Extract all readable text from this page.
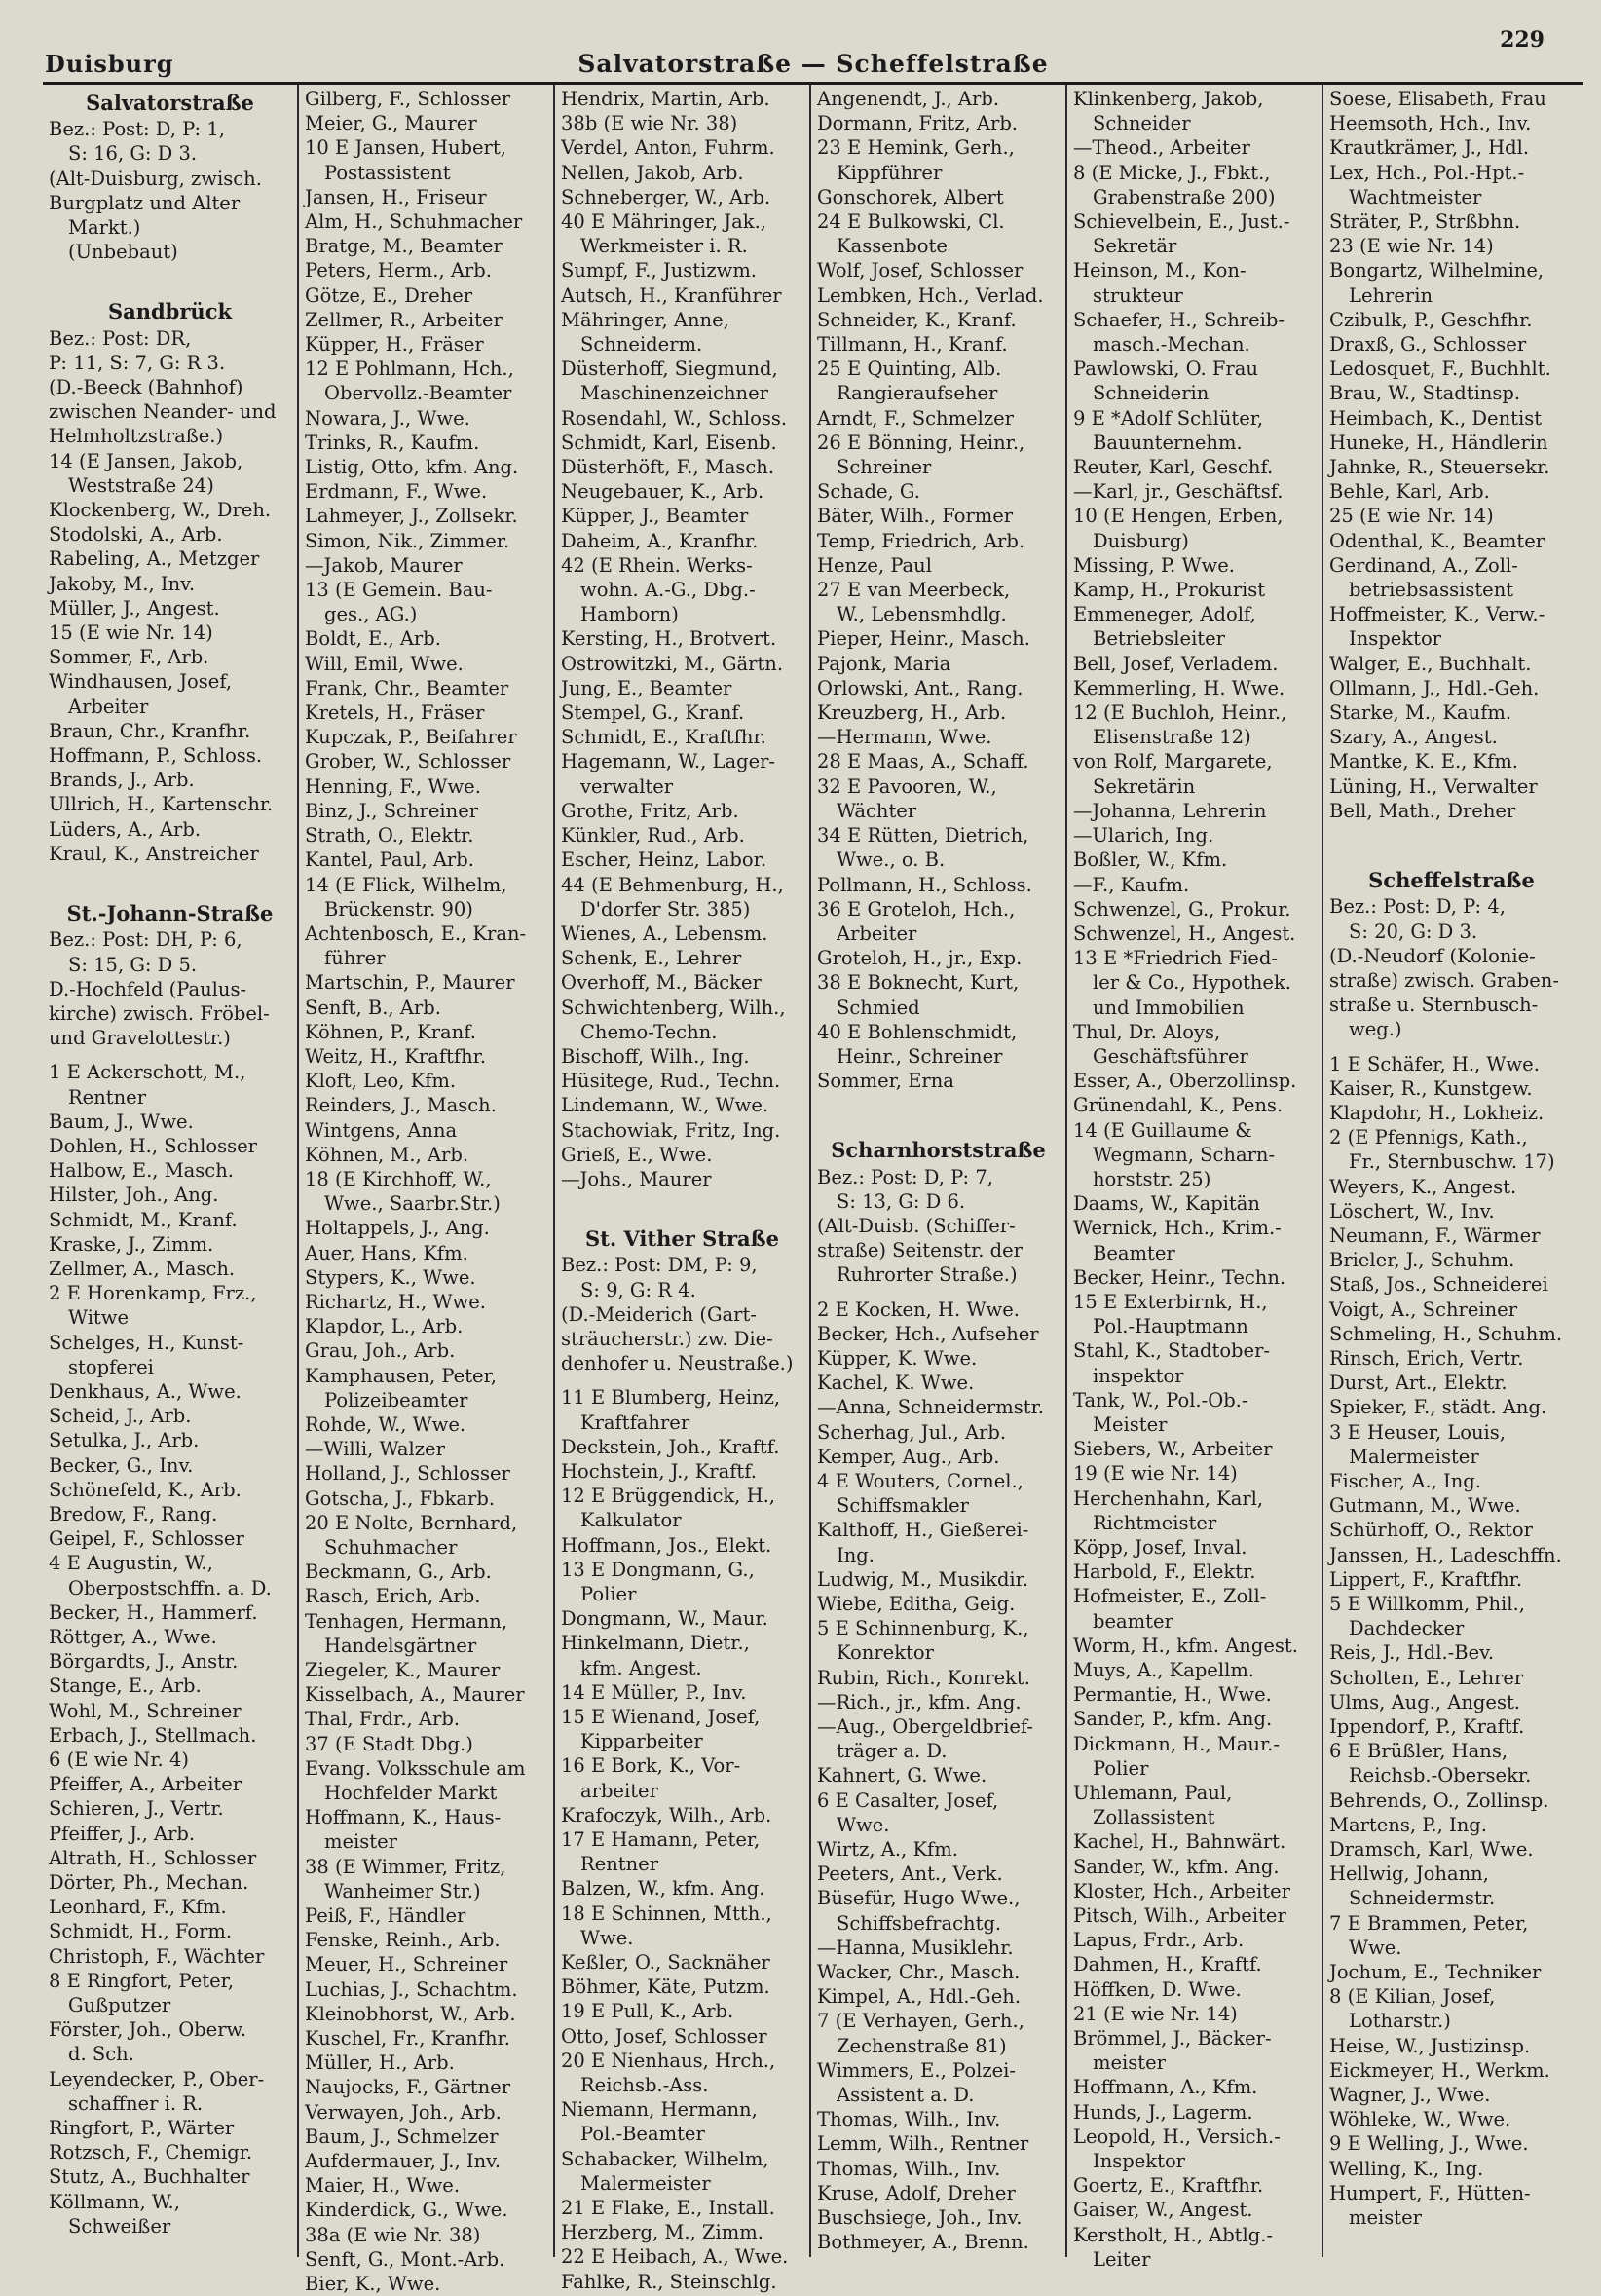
Duisburg	Salvatorstraße — Scheffelstraße
229
Salvatorstraße
Bez.: Post: D, P: 1,
S: 16, G: D 3.
(Alt-Duisburg, zwisch.
Burgplatz und Alter
Markt.)
(Unbebaut)
Sandbrück
Bez.: Post: DR,
P: 11, S: 7, G: R 3.
(D.-Beeck (Bahnhof)
zwischen Neander- und
Helmholtzstraße.)
14 (E Jansen, Jakob,
Weststraße 24)
Klockenberg, W., Dreh.
Stodolski, A., Arb.
Rabeling, A., Metzger
Jakoby, M., Inv.
Müller, J., Angest.
15 (E wie Nr. 14)
Sommer, F., Arb.
Windhausen, Josef,
Arbeiter
Braun, Chr., Kranfhr.
Hoffmann, P., Schloss.
Brands, J., Arb.
Ullrich, H., Kartenschr.
Lüders, A., Arb.
Kraul, K., Anstreicher
St.-Johann-Straße
Bez.: Post: DH, P: 6,
S: 15, G: D 5.
D.-Hochfeld (Paulus-
kirche) zwisch. Fröbel-
und Gravelottestr.)
1 E Ackerschott, M.,
Rentner
Baum, J., Wwe.
Dohlen, H., Schlosser
Halbow, E., Masch.
Hilster, Joh., Ang.
Schmidt, M., Kranf.
Kraske, J., Zimm.
Zellmer, A., Masch.
2 E Horenkamp, Frz.,
Witwe
Schelges, H., Kunst-
stopferei
Denkhaus, A., Wwe.
Scheid, J., Arb.
Setulka, J., Arb.
Becker, G., Inv.
Schönefeld, K., Arb.
Bredow, F., Rang.
Geipel, F., Schlosser
4 E Augustin, W.,
Oberpostschffn. a. D.
Becker, H., Hammerf.
Röttger, A., Wwe.
Börgardts, J., Anstr.
Stange, E., Arb.
Wohl, M., Schreiner
Erbach, J., Stellmach.
6 (E wie Nr. 4)
Pfeiffer, A., Arbeiter
Schieren, J., Vertr.
Pfeiffer, J., Arb.
Altrath, H., Schlosser
Dörter, Ph., Mechan.
Leonhard, F., Kfm.
Schmidt, H., Form.
Christoph, F., Wächter
8 E Ringfort, Peter,
Gußputzer
Förster, Joh., Oberw.
d. Sch.
Leyendecker, P., Ober-
schaffner i. R.
Ringfort, P., Wärter
Rotzsch, F., Chemigr.
Stutz, A., Buchhalter
Köllmann, W.,
Schweißer
Gilberg, F., Schlosser
Meier, G., Maurer
10 E Jansen, Hubert,
Postassistent
Jansen, H., Friseur
Alm, H., Schuhmacher
Bratge, M., Beamter
Peters, Herm., Arb.
Götze, E., Dreher
Zellmer, R., Arbeiter
Küpper, H., Fräser
12 E Pohlmann, Hch.,
Obervollz.-Beamter
Nowara, J., Wwe.
Trinks, R., Kaufm.
Listig, Otto, kfm. Ang.
Erdmann, F., Wwe.
Lahmeyer, J., Zollsekr.
Simon, Nik., Zimmer.
—Jakob, Maurer
13 (E Gemein. Bau-
ges., AG.)
Boldt, E., Arb.
Will, Emil, Wwe.
Frank, Chr., Beamter
Kretels, H., Fräser
Kupczak, P., Beifahrer
Grober, W., Schlosser
Henning, F., Wwe.
Binz, J., Schreiner
Strath, O., Elektr.
Kantel, Paul, Arb.
14 (E Flick, Wilhelm,
Brückenstr. 90)
Achtenbosch, E., Kran-
führer
Martschin, P., Maurer
Senft, B., Arb.
Köhnen, P., Kranf.
Weitz, H., Kraftfhr.
Kloft, Leo, Kfm.
Reinders, J., Masch.
Wintgens, Anna
Köhnen, M., Arb.
18 (E Kirchhoff, W.,
Wwe., Saarbr.Str.)
Holtappels, J., Ang.
Auer, Hans, Kfm.
Stypers, K., Wwe.
Richartz, H., Wwe.
Klapdor, L., Arb.
Grau, Joh., Arb.
Kamphausen, Peter,
Polizeibeamter
Rohde, W., Wwe.
—Willi, Walzer
Holland, J., Schlosser
Gotscha, J., Fbkarb.
20 E Nolte, Bernhard,
Schuhmacher
Beckmann, G., Arb.
Rasch, Erich, Arb.
Tenhagen, Hermann,
Handelsgärtner
Ziegeler, K., Maurer
Kisselbach, A., Maurer
Thal, Frdr., Arb.
37 (E Stadt Dbg.)
Evang. Volksschule am
Hochfelder Markt
Hoffmann, K., Haus-
meister
38 (E Wimmer, Fritz,
Wanheimer Str.)
Peiß, F., Händler
Fenske, Reinh., Arb.
Meuer, H., Schreiner
Luchias, J., Schachtm.
Kleinobhorst, W., Arb.
Kuschel, Fr., Kranfhr.
Müller, H., Arb.
Naujocks, F., Gärtner
Verwayen, Joh., Arb.
Baum, J., Schmelzer
Aufdermauer, J., Inv.
Maier, H., Wwe.
Kinderdick, G., Wwe.
38a (E wie Nr. 38)
Senft, G., Mont.-Arb.
Bier, K., Wwe.
Hendrix, Martin, Arb.
38b (E wie Nr. 38)
Verdel, Anton, Fuhrm.
Nellen, Jakob, Arb.
Schneberger, W., Arb.
40 E Mähringer, Jak.,
Werkmeister i. R.
Sumpf, F., Justizwm.
Autsch, H., Kranführer
Mähringer, Anne,
Schneiderm.
Düsterhoff, Siegmund,
Maschinenzeichner
Rosendahl, W., Schloss.
Schmidt, Karl, Eisenb.
Düsterhöft, F., Masch.
Neugebauer, K., Arb.
Küpper, J., Beamter
Daheim, A., Kranfhr.
42 (E Rhein. Werks-
wohn. A.-G., Dbg.-
Hamborn)
Kersting, H., Brotvert.
Ostrowitzki, M., Gärtn.
Jung, E., Beamter
Stempel, G., Kranf.
Schmidt, E., Kraftfhr.
Hagemann, W., Lager-
verwalter
Grothe, Fritz, Arb.
Künkler, Rud., Arb.
Escher, Heinz, Labor.
44 (E Behmenburg, H.,
D'dorfer Str. 385)
Wienes, A., Lebensm.
Schenk, E., Lehrer
Overhoff, M., Bäcker
Schwichtenberg, Wilh.,
Chemo-Techn.
Bischoff, Wilh., Ing.
Hüsitege, Rud., Techn.
Lindemann, W., Wwe.
Stachowiak, Fritz, Ing.
Grieß, E., Wwe.
—Johs., Maurer
St. Vither Straße
Bez.: Post: DM, P: 9,
S: 9, G: R 4.
(D.-Meiderich (Gart-
sträucherstr.) zw. Die-
denhofer u. Neustraße.)
11 E Blumberg, Heinz,
Kraftfahrer
Deckstein, Joh., Kraftf.
Hochstein, J., Kraftf.
12 E Brüggendick, H.,
Kalkulator
Hoffmann, Jos., Elekt.
13 E Dongmann, G.,
Polier
Dongmann, W., Maur.
Hinkelmann, Dietr.,
kfm. Angest.
14 E Müller, P., Inv.
15 E Wienand, Josef,
Kipparbeiter
16 E Bork, K., Vor-
arbeiter
Krafoczyk, Wilh., Arb.
17 E Hamann, Peter,
Rentner
Balzen, W., kfm. Ang.
18 E Schinnen, Mtth.,
Wwe.
Keßler, O., Sacknäher
Böhmer, Käte, Putzm.
19 E Pull, K., Arb.
Otto, Josef, Schlosser
20 E Nienhaus, Hrch.,
Reichsb.-Ass.
Niemann, Hermann,
Pol.-Beamter
Schabacker, Wilhelm,
Malermeister
21 E Flake, E., Install.
Herzberg, M., Zimm.
22 E Heibach, A., Wwe.
Fahlke, R., Steinschlg.
Angenendt, J., Arb.
Dormann, Fritz, Arb.
23 E Hemink, Gerh.,
Kippführer
Gonschorek, Albert
24 E Bulkowski, Cl.
Kassenbote
Wolf, Josef, Schlosser
Lembken, Hch., Verlad.
Schneider, K., Kranf.
Tillmann, H., Kranf.
25 E Quinting, Alb.
Rangieraufseher
Arndt, F., Schmelzer
26 E Bönning, Heinr.,
Schreiner
Schade, G.
Bäter, Wilh., Former
Temp, Friedrich, Arb.
Henze, Paul
27 E van Meerbeck,
W., Lebensmhdlg.
Pieper, Heinr., Masch.
Pajonk, Maria
Orlowski, Ant., Rang.
Kreuzberg, H., Arb.
—Hermann, Wwe.
28 E Maas, A., Schaff.
32 E Pavooren, W.,
Wächter
34 E Rütten, Dietrich,
Wwe., o. B.
Pollmann, H., Schloss.
36 E Groteloh, Hch.,
Arbeiter
Groteloh, H., jr., Exp.
38 E Boknecht, Kurt,
Schmied
40 E Bohlenschmidt,
Heinr., Schreiner
Sommer, Erna
Scharnhorststraße
Bez.: Post: D, P: 7,
S: 13, G: D 6.
(Alt-Duisb. (Schiffer-
straße) Seitenstr. der
Ruhrorter Straße.)
2 E Kocken, H. Wwe.
Becker, Hch., Aufseher
Küpper, K. Wwe.
Kachel, K. Wwe.
—Anna, Schneidermstr.
Scherhag, Jul., Arb.
Kemper, Aug., Arb.
4 E Wouters, Cornel.,
Schiffsmakler
Kalthoff, H., Gießerei-
Ing.
Ludwig, M., Musikdir.
Wiebe, Editha, Geig.
5 E Schinnenburg, K.,
Konrektor
Rubin, Rich., Konrekt.
—Rich., jr., kfm. Ang.
—Aug., Obergeldbrief-
träger a. D.
Kahnert, G. Wwe.
6 E Casalter, Josef,
Wwe.
Wirtz, A., Kfm.
Peeters, Ant., Verk.
Büsefür, Hugo Wwe.,
Schiffsbefrachtg.
—Hanna, Musiklehr.
Wacker, Chr., Masch.
Kimpel, A., Hdl.-Geh.
7 (E Verhayen, Gerh.,
Zechenstraße 81)
Wimmers, E., Polzei-
Assistent a. D.
Thomas, Wilh., Inv.
Lemm, Wilh., Rentner
Thomas, Wilh., Inv.
Kruse, Adolf, Dreher
Buschsiege, Joh., Inv.
Bothmeyer, A., Brenn.
Klinkenberg, Jakob,
Schneider
—Theod., Arbeiter
8 (E Micke, J., Fbkt.,
Grabenstraße 200)
Schievelbein, E., Just.-
Sekretär
Heinson, M., Kon-
strukteur
Schaefer, H., Schreib-
masch.-Mechan.
Pawlowski, O. Frau
Schneiderin
9 E *Adolf Schlüter,
Bauunternehm.
Reuter, Karl, Geschf.
—Karl, jr., Geschäftsf.
10 (E Hengen, Erben,
Duisburg)
Missing, P. Wwe.
Kamp, H., Prokurist
Emmeneger, Adolf,
Betriebsleiter
Bell, Josef, Verladem.
Kemmerling, H. Wwe.
12 (E Buchloh, Heinr.,
Elisenstraße 12)
von Rolf, Margarete,
Sekretärin
—Johanna, Lehrerin
—Ularich, Ing.
Boßler, W., Kfm.
—F., Kaufm.
Schwenzel, G., Prokur.
Schwenzel, H., Angest.
13 E *Friedrich Fied-
ler & Co., Hypothek.
und Immobilien
Thul, Dr. Aloys,
Geschäftsführer
Esser, A., Oberzollinsp.
Grünendahl, K., Pens.
14 (E Guillaume &
Wegmann, Scharn-
horststr. 25)
Daams, W., Kapitän
Wernick, Hch., Krim.-
Beamter
Becker, Heinr., Techn.
15 E Exterbirnk, H.,
Pol.-Hauptmann
Stahl, K., Stadtober-
inspektor
Tank, W., Pol.-Ob.-
Meister
Siebers, W., Arbeiter
19 (E wie Nr. 14)
Herchenhahn, Karl,
Richtmeister
Köpp, Josef, Inval.
Harbold, F., Elektr.
Hofmeister, E., Zoll-
beamter
Worm, H., kfm. Angest.
Muys, A., Kapellm.
Permantie, H., Wwe.
Sander, P., kfm. Ang.
Dickmann, H., Maur.-
Polier
Uhlemann, Paul,
Zollassistent
Kachel, H., Bahnwärt.
Sander, W., kfm. Ang.
Kloster, Hch., Arbeiter
Pitsch, Wilh., Arbeiter
Lapus, Frdr., Arb.
Dahmen, H., Kraftf.
Höffken, D. Wwe.
21 (E wie Nr. 14)
Brömmel, J., Bäcker-
meister
Hoffmann, A., Kfm.
Hunds, J., Lagerm.
Leopold, H., Versich.-
Inspektor
Goertz, E., Kraftfhr.
Gaiser, W., Angest.
Kerstholt, H., Abtlg.-
Leiter
Soese, Elisabeth, Frau
Heemsoth, Hch., Inv.
Krautkrämer, J., Hdl.
Lex, Hch., Pol.-Hpt.-
Wachtmeister
Sträter, P., Strßbhn.
23 (E wie Nr. 14)
Bongartz, Wilhelmine,
Lehrerin
Czibulk, P., Geschfhr.
Draxß, G., Schlosser
Ledosquet, F., Buchhlt.
Brau, W., Stadtinsp.
Heimbach, K., Dentist
Huneke, H., Händlerin
Jahnke, R., Steuersekr.
Behle, Karl, Arb.
25 (E wie Nr. 14)
Odenthal, K., Beamter
Gerdinand, A., Zoll-
betriebsassistent
Hoffmeister, K., Verw.-
Inspektor
Walger, E., Buchhalt.
Ollmann, J., Hdl.-Geh.
Starke, M., Kaufm.
Szary, A., Angest.
Mantke, K. E., Kfm.
Lüning, H., Verwalter
Bell, Math., Dreher
Scheffelstraße
Bez.: Post: D, P: 4,
S: 20, G: D 3.
(D.-Neudorf (Kolonie-
straße) zwisch. Graben-
straße u. Sternbusch-
weg.)
1 E Schäfer, H., Wwe.
Kaiser, R., Kunstgew.
Klapdohr, H., Lokheiz.
2 (E Pfennigs, Kath.,
Fr., Sternbuschw. 17)
Weyers, K., Angest.
Löschert, W., Inv.
Neumann, F., Wärmer
Brieler, J., Schuhm.
Staß, Jos., Schneiderei
Voigt, A., Schreiner
Schmeling, H., Schuhm.
Rinsch, Erich, Vertr.
Durst, Art., Elektr.
Spieker, F., städt. Ang.
3 E Heuser, Louis,
Malermeister
Fischer, A., Ing.
Gutmann, M., Wwe.
Schürhoff, O., Rektor
Janssen, H., Ladeschffn.
Lippert, F., Kraftfhr.
5 E Willkomm, Phil.,
Dachdecker
Reis, J., Hdl.-Bev.
Scholten, E., Lehrer
Ulms, Aug., Angest.
Ippendorf, P., Kraftf.
6 E Brüßler, Hans,
Reichsb.-Obersekr.
Behrends, O., Zollinsp.
Martens, P., Ing.
Dramsch, Karl, Wwe.
Hellwig, Johann,
Schneidermstr.
7 E Brammen, Peter,
Wwe.
Jochum, E., Techniker
8 (E Kilian, Josef,
Lotharstr.)
Heise, W., Justizinsp.
Eickmeyer, H., Werkm.
Wagner, J., Wwe.
Wöhleke, W., Wwe.
9 E Welling, J., Wwe.
Welling, K., Ing.
Humpert, F., Hütten-
meister
